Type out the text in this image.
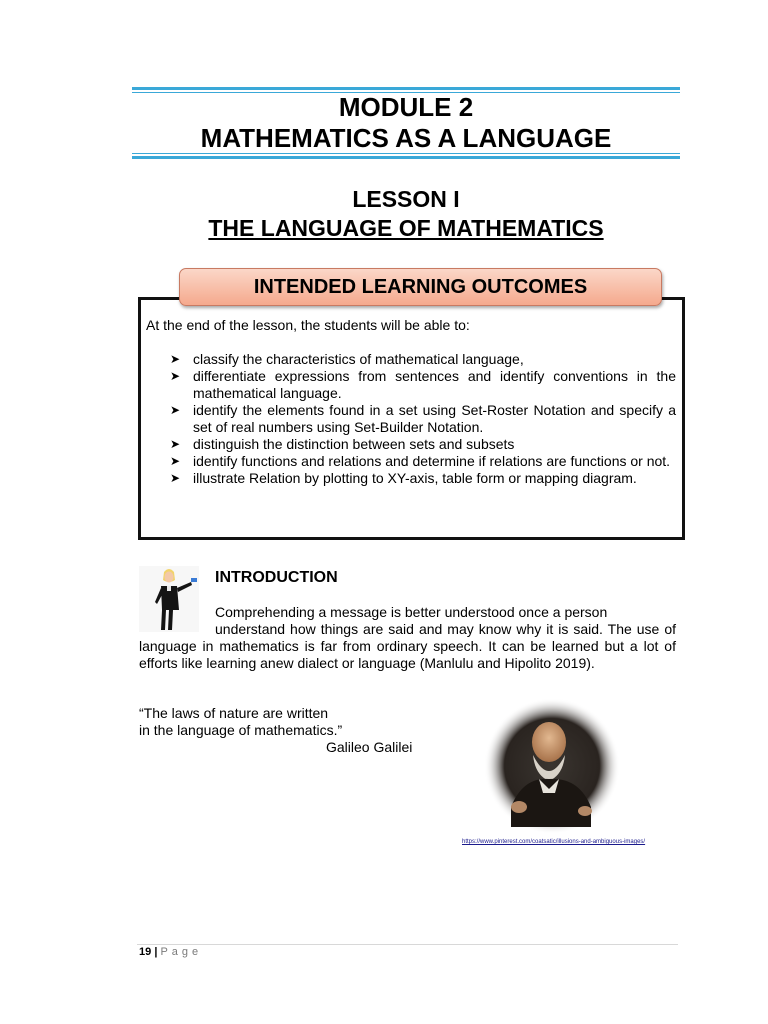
MODULE 2
MATHEMATICS AS A LANGUAGE
LESSON I
THE LANGUAGE OF MATHEMATICS
INTENDED LEARNING OUTCOMES
At the end of the lesson, the students will be able to:
➤ classify the characteristics of mathematical language,
➤ differentiate expressions from sentences and identify conventions in the mathematical language.
➤ identify the elements found in a set using Set-Roster Notation and specify a set of real numbers using Set-Builder Notation.
➤ distinguish the distinction between sets and subsets
➤ identify functions and relations and determine if relations are functions or not.
➤ illustrate Relation by plotting to XY-axis, table form or mapping diagram.
INTRODUCTION
Comprehending a message is better understood once a person
understand how things are said and may know why it is said. The use of language in mathematics is far from ordinary speech. It can be learned but a lot of efforts like learning anew dialect or language (Manlulu and Hipolito 2019).
“The laws of nature are written
in the language of mathematics.”
Galileo Galilei
https://www.pinterest.com/coatsatic/illusions-and-ambiguous-images/
19 | Page
